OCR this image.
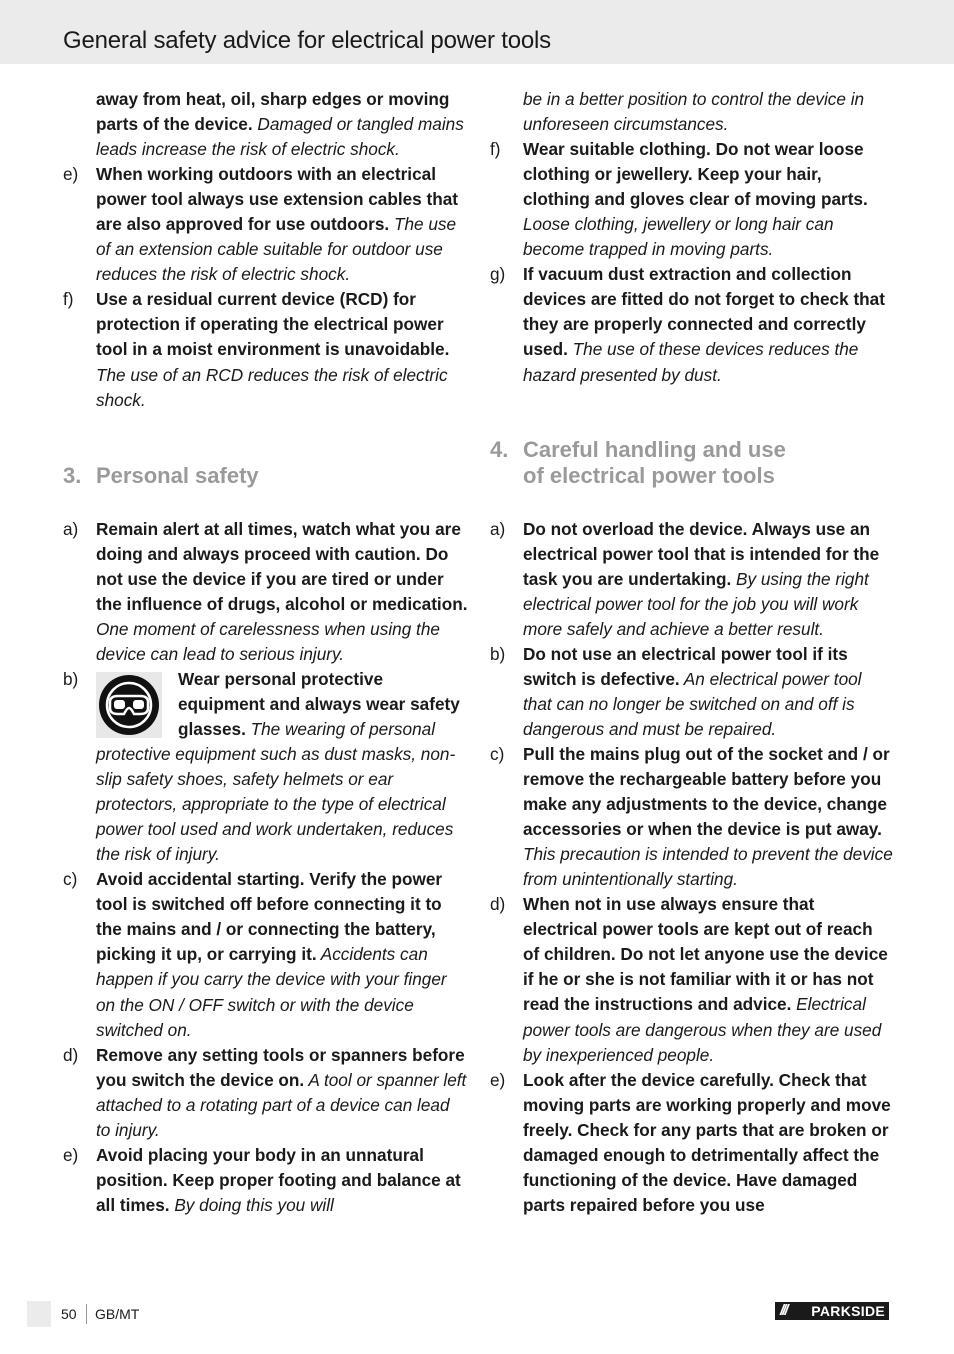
General safety advice for electrical power tools
away from heat, oil, sharp edges or moving parts of the device. Damaged or tangled mains leads increase the risk of electric shock.
e) When working outdoors with an electrical power tool always use extension cables that are also approved for use outdoors. The use of an extension cable suitable for outdoor use reduces the risk of electric shock.
f) Use a residual current device (RCD) for protection if operating the electrical power tool in a moist environment is unavoidable. The use of an RCD reduces the risk of electric shock.
3. Personal safety
a) Remain alert at all times, watch what you are doing and always proceed with caution. Do not use the device if you are tired or under the influence of drugs, alcohol or medication. One moment of carelessness when using the device can lead to serious injury.
b)	Wear personal protective equipment and always wear safety glasses. The wearing of personal protective equipment such as dust masks, non-slip safety shoes, safety helmets or ear protectors, appropriate to the type of electrical power tool used and work undertaken, reduces the risk of injury.
c) Avoid accidental starting. Verify the power tool is switched off before connecting it to the mains and / or connecting the battery, picking it up, or carrying it. Accidents can happen if you carry the device with your finger on the ON / OFF switch or with the device switched on.
d) Remove any setting tools or spanners before you switch the device on. A tool or spanner left attached to a rotating part of a device can lead to injury.
e) Avoid placing your body in an unnatural position. Keep proper footing and balance at all times. By doing this you will
be in a better position to control the device in unforeseen circumstances.
f) Wear suitable clothing. Do not wear loose clothing or jewellery. Keep your hair, clothing and gloves clear of moving parts. Loose clothing, jewellery or long hair can become trapped in moving parts.
g) If vacuum dust extraction and collection devices are fitted do not forget to check that they are properly connected and correctly used. The use of these devices reduces the hazard presented by dust.
4. Careful handling and use
of electrical power tools
a) Do not overload the device. Always use an electrical power tool that is intended for the task you are undertaking. By using the right electrical power tool for the job you will work more safely and achieve a better result.
b) Do not use an electrical power tool if its switch is defective. An electrical power tool that can no longer be switched on and off is dangerous and must be repaired.
c) Pull the mains plug out of the socket and / or remove the rechargeable battery before you make any adjustments to the device, change accessories or when the device is put away. This precaution is intended to prevent the device from unintentionally starting.
d) When not in use always ensure that electrical power tools are kept out of reach of children. Do not let anyone use the device if he or she is not familiar with it or has not read the instructions and advice. Electrical power tools are dangerous when they are used by inexperienced people.
e) Look after the device carefully. Check that moving parts are working properly and move freely. Check for any parts that are broken or damaged enough to detrimentally affect the functioning of the device. Have damaged parts repaired before you use
50 GB/MT	/// PARKSIDE
